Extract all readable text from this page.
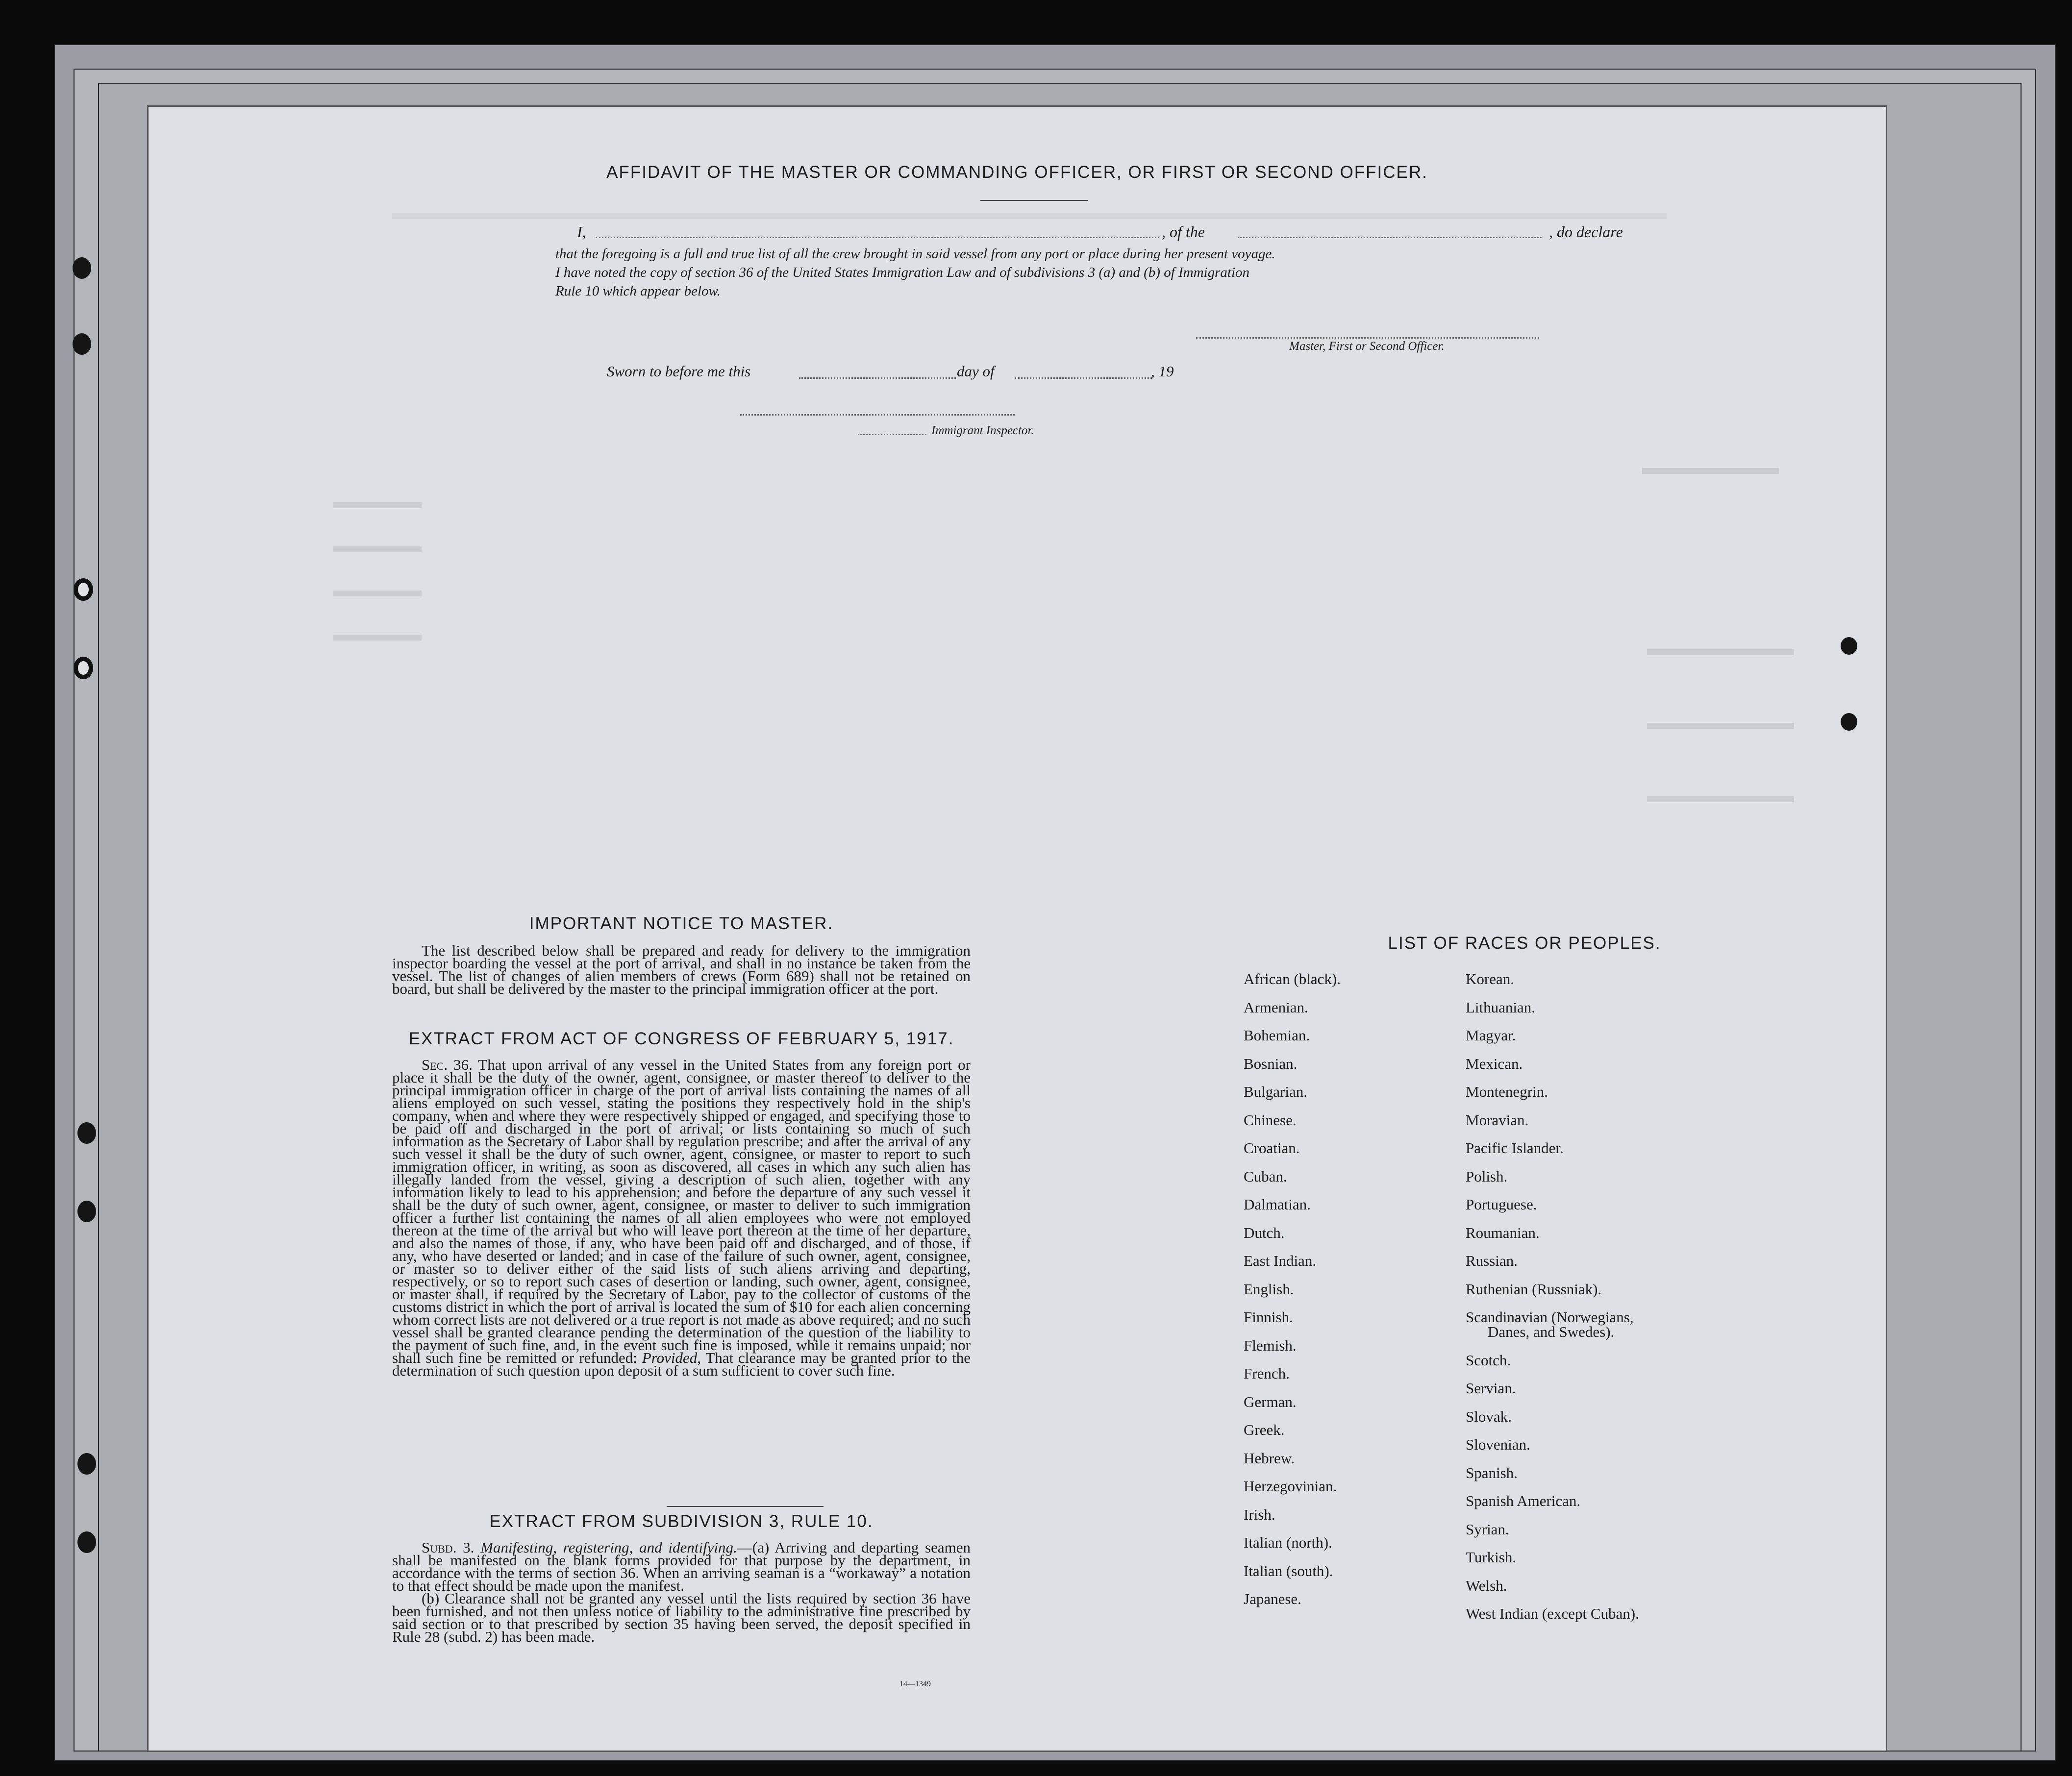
AFFIDAVIT OF THE MASTER OR COMMANDING OFFICER, OR FIRST OR SECOND OFFICER.
I,	, of the	, do declare
that the foregoing is a full and true list of all the crew brought in said vessel from any port or place during her present voyage.
I have noted the copy of section 36 of the United States Immigration Law and of subdivisions 3 (a) and (b) of Immigration
Rule 10 which appear below.
Master, First or Second Officer.
Sworn to before me this	day of	, 19
Immigrant Inspector.
IMPORTANT NOTICE TO MASTER.
The list described below shall be prepared and ready for delivery to the immigration inspector boarding the vessel at the port of arrival, and shall in no instance be taken from the vessel. The list of changes of alien members of crews (Form 689) shall not be retained on board, but shall be delivered by the master to the principal immigration officer at the port.
EXTRACT FROM ACT OF CONGRESS OF FEBRUARY 5, 1917.
Sec. 36. That upon arrival of any vessel in the United States from any foreign port or place it shall be the duty of the owner, agent, consignee, or master thereof to deliver to the principal immigration officer in charge of the port of arrival lists containing the names of all aliens employed on such vessel, stating the positions they respectively hold in the ship's company, when and where they were respectively shipped or engaged, and specifying those to be paid off and discharged in the port of arrival; or lists containing so much of such information as the Secretary of Labor shall by regulation prescribe; and after the arrival of any such vessel it shall be the duty of such owner, agent, consignee, or master to report to such immigration officer, in writing, as soon as discovered, all cases in which any such alien has illegally landed from the vessel, giving a description of such alien, together with any information likely to lead to his apprehension; and before the departure of any such vessel it shall be the duty of such owner, agent, consignee, or master to deliver to such immigration officer a further list containing the names of all alien employees who were not employed thereon at the time of the arrival but who will leave port thereon at the time of her departure, and also the names of those, if any, who have been paid off and discharged, and of those, if any, who have deserted or landed; and in case of the failure of such owner, agent, consignee, or master so to deliver either of the said lists of such aliens arriving and departing, respectively, or so to report such cases of desertion or landing, such owner, agent, consignee, or master shall, if required by the Secretary of Labor, pay to the collector of customs of the customs district in which the port of arrival is located the sum of $10 for each alien concerning whom correct lists are not delivered or a true report is not made as above required; and no such vessel shall be granted clearance pending the determination of the question of the liability to the payment of such fine, and, in the event such fine is imposed, while it remains unpaid; nor shall such fine be remitted or refunded: Provided, That clearance may be granted prior to the determination of such question upon deposit of a sum sufficient to cover such fine.
EXTRACT FROM SUBDIVISION 3, RULE 10.
Subd. 3. Manifesting, registering, and identifying.—(a) Arriving and departing seamen shall be manifested on the blank forms provided for that purpose by the department, in accordance with the terms of section 36. When an arriving seaman is a “workaway” a notation to that effect should be made upon the manifest.
(b) Clearance shall not be granted any vessel until the lists required by section 36 have been furnished, and not then unless notice of liability to the administrative fine prescribed by said section or to that prescribed by section 35 having been served, the deposit specified in Rule 28 (subd. 2) has been made.
14—1349
LIST OF RACES OR PEOPLES.
African (black).
Armenian.
Bohemian.
Bosnian.
Bulgarian.
Chinese.
Croatian.
Cuban.
Dalmatian.
Dutch.
East Indian.
English.
Finnish.
Flemish.
French.
German.
Greek.
Hebrew.
Herzegovinian.
Irish.
Italian (north).
Italian (south).
Japanese.
Korean.
Lithuanian.
Magyar.
Mexican.
Montenegrin.
Moravian.
Pacific Islander.
Polish.
Portuguese.
Roumanian.
Russian.
Ruthenian (Russniak).
Scandinavian (Norwegians,
Danes, and Swedes).
Scotch.
Servian.
Slovak.
Slovenian.
Spanish.
Spanish American.
Syrian.
Turkish.
Welsh.
West Indian (except Cuban).
